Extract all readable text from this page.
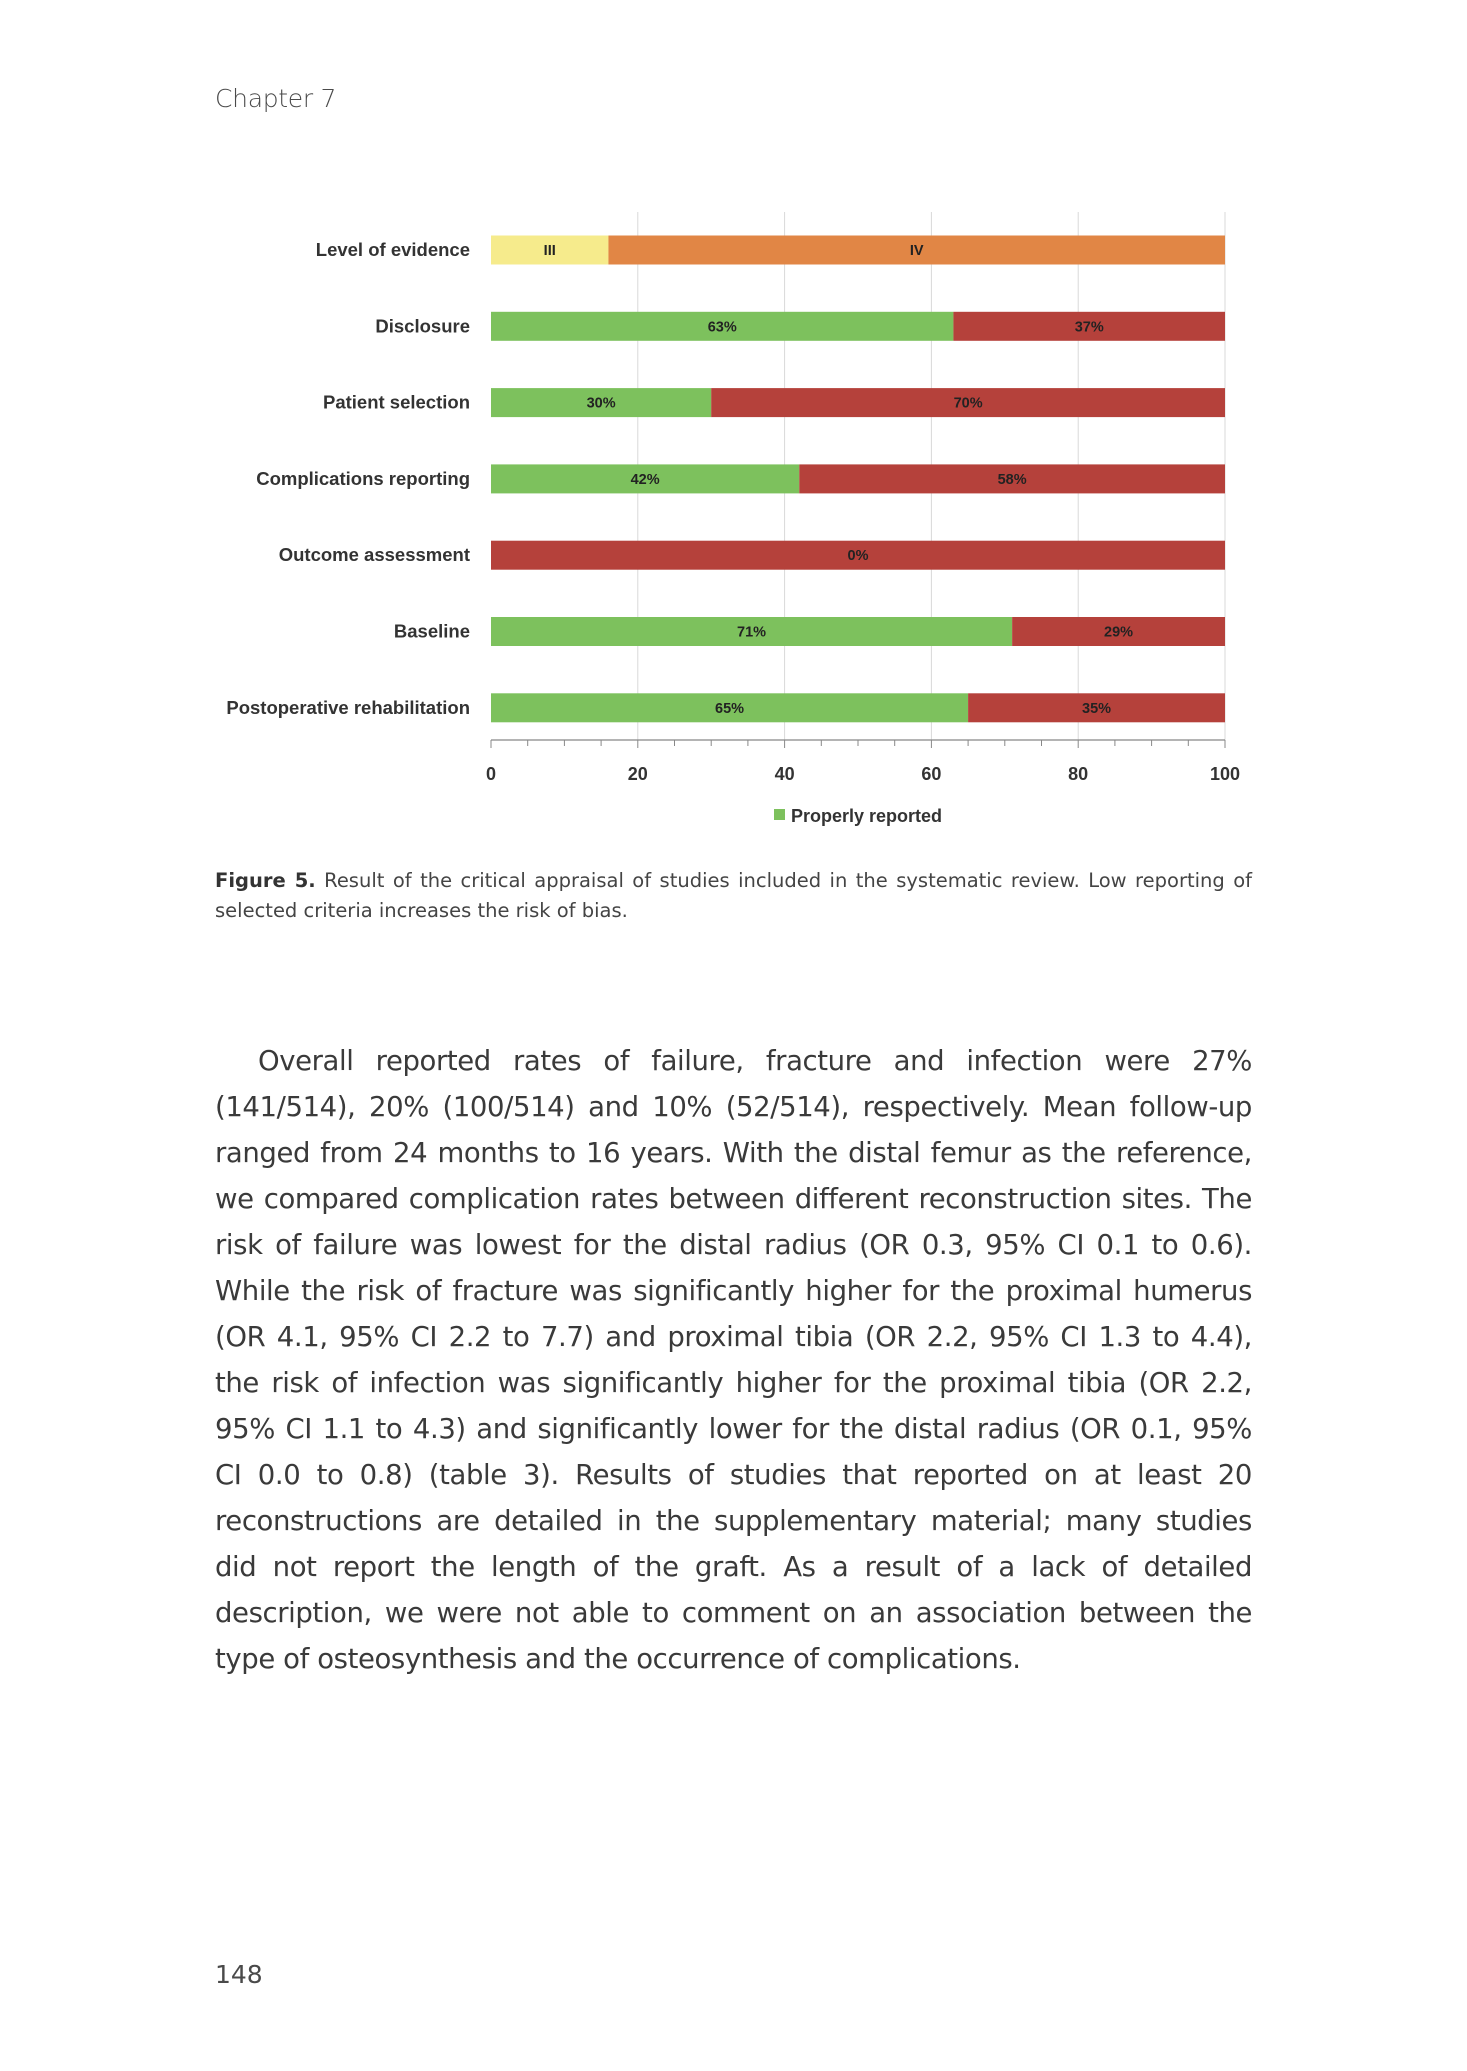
Chapter 7
Level of evidence	III	IV
Disclosure	63%	37%
Patient selection	30%	70%
Complications reporting	42%	58%
Outcome assessment	0%
Baseline	71%	29%
Postoperative rehabilitation	65%	35%
0	20	40	60	80	100
Properly reported
Figure 5. Result of the critical appraisal of studies included in the systematic review. Low reporting of selected criteria increases the risk of bias.

Overall reported rates of failure, fracture and infection were 27% (141/514), 20% (100/514) and 10% (52/514), respectively. Mean follow-up ranged from 24 months to 16 years. With the distal femur as the reference, we compared complication rates between different reconstruction sites. The risk of failure was lowest for the distal radius (OR 0.3, 95% CI 0.1 to 0.6). While the risk of fracture was significantly higher for the proximal humerus (OR 4.1, 95% CI 2.2 to 7.7) and proximal tibia (OR 2.2, 95% CI 1.3 to 4.4), the risk of infection was significantly higher for the proximal tibia (OR 2.2, 95% CI 1.1 to 4.3) and significantly lower for the distal radius (OR 0.1, 95% CI 0.0 to 0.8) (table 3). Results of studies that reported on at least 20 reconstructions are detailed in the supplementary material; many studies did not report the length of the graft. As a result of a lack of detailed description, we were not able to comment on an association between the type of osteosynthesis and the occurrence of complications.

148
